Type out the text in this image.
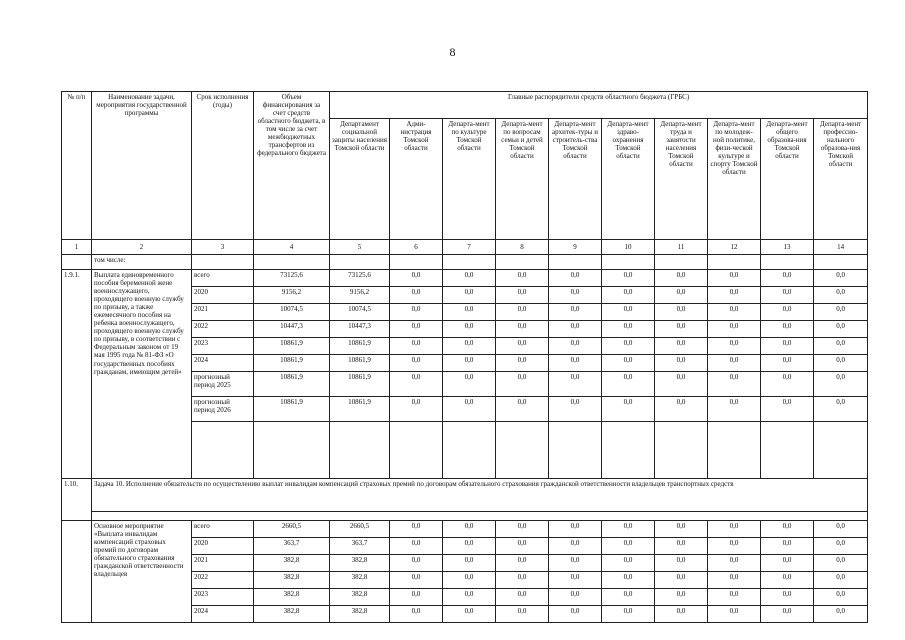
8
№ п/п	Наименование задачи, мероприятия государственной программы	Срок исполнения (годы)	Объем финансирования за счет средств областного бюджета, в том числе за счет межбюджетных трансфертов из федерального бюджета	Главные распорядители средств областного бюджета (ГРБС)									
				Департамент социальной защиты населения Томской области	Адми-нистрация Томской области	Департа-мент по культуре Томской области	Департа-мент по вопросам семьи и детей Томской области	Департа-мент архитек-туры и строитель-ства Томской области	Департа-мент здраво-охранения Томской области	Департа-мент труда и занятости населения Томской области	Департа-мент по молодеж-ной политике, физи-ческой культуре и спорту Томской области	Департа-мент общего образова-ния Томской области	Департа-мент профессио-нального образова-ния Томской области
1	2	3	4	5	6	7	8	9	10	11	12	13	14
	том числе:												
1.9.1.	Выплата единовременного пособия беременной жене военнослужащего, проходящего военную службу по призыву, а также ежемесячного пособия на ребенка военнослужащего, проходящего военную службу по призыву, в соответствии с Федеральным законом от 19 мая 1995 года № 81-ФЗ «О государственных пособиях гражданам, имеющим детей»	всего	73125,6	73125,6	0,0	0,0	0,0	0,0	0,0	0,0	0,0	0,0	0,0
		2020	9156,2	9156,2	0,0	0,0	0,0	0,0	0,0	0,0	0,0	0,0	0,0
		2021	10074,5	10074,5	0,0	0,0	0,0	0,0	0,0	0,0	0,0	0,0	0,0
		2022	10447,3	10447,3	0,0	0,0	0,0	0,0	0,0	0,0	0,0	0,0	0,0
		2023	10861,9	10861,9	0,0	0,0	0,0	0,0	0,0	0,0	0,0	0,0	0,0
		2024	10861,9	10861,9	0,0	0,0	0,0	0,0	0,0	0,0	0,0	0,0	0,0
		прогнозный период 2025	10861,9	10861,9	0,0	0,0	0,0	0,0	0,0	0,0	0,0	0,0	0,0
		прогнозный период 2026	10861,9	10861,9	0,0	0,0	0,0	0,0	0,0	0,0	0,0	0,0	0,0

1.10.	Задача 10. Исполнение обязательств по осуществлению выплат инвалидам компенсаций страховых премий по договорам обязательного страхования гражданской ответственности владельцев транспортных средств												

	Основное мероприятие «Выплата инвалидам компенсаций страховых премий по договорам обязательного страхования гражданской ответственности владельцев	всего	2660,5	2660,5	0,0	0,0	0,0	0,0	0,0	0,0	0,0	0,0	0,0
		2020	363,7	363,7	0,0	0,0	0,0	0,0	0,0	0,0	0,0	0,0	0,0
		2021	382,8	382,8	0,0	0,0	0,0	0,0	0,0	0,0	0,0	0,0	0,0
		2022	382,8	382,8	0,0	0,0	0,0	0,0	0,0	0,0	0,0	0,0	0,0
		2023	382,8	382,8	0,0	0,0	0,0	0,0	0,0	0,0	0,0	0,0	0,0
		2024	382,8	382,8	0,0	0,0	0,0	0,0	0,0	0,0	0,0	0,0	0,0
